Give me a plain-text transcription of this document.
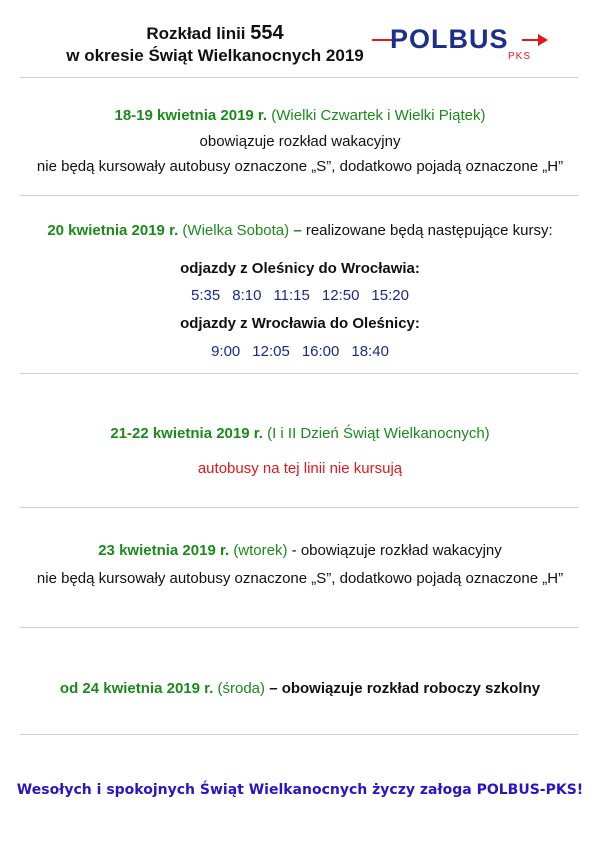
Rozkład linii 554
w okresie Świąt Wielkanocnych 2019
POLBUS
PKS
18-19 kwietnia 2019 r. (Wielki Czwartek i Wielki Piątek)
obowiązuje rozkład wakacyjny
nie będą kursowały autobusy oznaczone „S”, dodatkowo pojadą oznaczone „H”
20 kwietnia 2019 r. (Wielka Sobota) – realizowane będą następujące kursy:
odjazdy z Oleśnicy do Wrocławia:
5:35 8:10 11:15 12:50 15:20
odjazdy z Wrocławia do Oleśnicy:
9:00 12:05 16:00 18:40
21-22 kwietnia 2019 r. (I i II Dzień Świąt Wielkanocnych)
autobusy na tej linii nie kursują
23 kwietnia 2019 r. (wtorek) - obowiązuje rozkład wakacyjny
nie będą kursowały autobusy oznaczone „S”, dodatkowo pojadą oznaczone „H”
od 24 kwietnia 2019 r. (środa) – obowiązuje rozkład roboczy szkolny
Wesołych i spokojnych Świąt Wielkanocnych życzy załoga POLBUS-PKS!
